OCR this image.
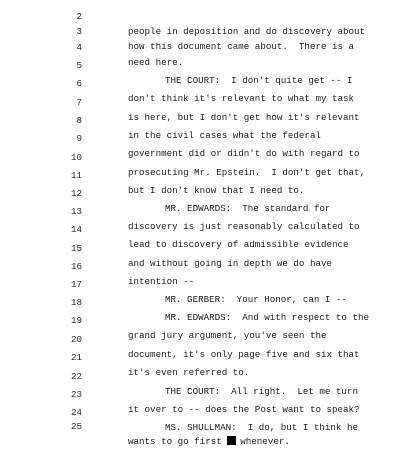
2

people in deposition and do discovery about

3

how this document came about.  There is a

4

need here.

5

THE COURT:  I don't quite get -- I

6

don't think it's relevant to what my task

7

is here, but I don't get how it's relevant

8

in the civil cases what the federal

9

government did or didn't do with regard to

10

prosecuting Mr. Epstein.  I don't get that,

11

but I don't know that I need to.

12

MR. EDWARDS:  The standard for

13

discovery is just reasonably calculated to

14

lead to discovery of admissible evidence

15

and without going in depth we do have

16

intention --

17

MR. GERBER:  Your Honor, can I --

18

MR. EDWARDS:  And with respect to the

19

grand jury argument, you've seen the

20

document, it's only page five and six that

21

it's even referred to.

22

THE COURT:  All right.  Let me turn

23

it over to -- does the Post want to speak?

24

MS. SHULLMAN:  I do, but I think he

25

wants to go first whenever.
